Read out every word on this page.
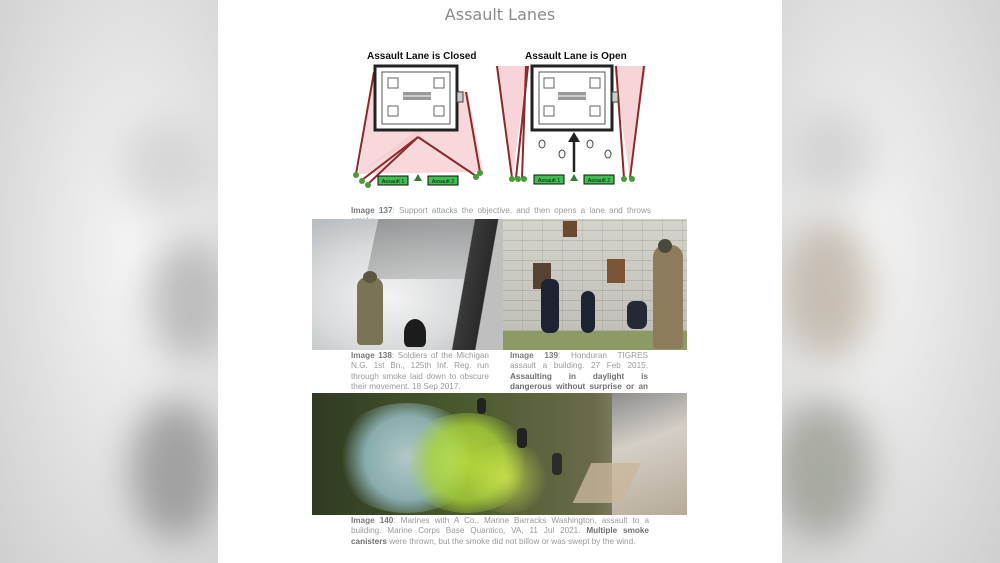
Assault Lanes
Assault Lane is Closed	Assault Lane is Open
Assault 1	Assault 2	Assault 1	Assault 2
Image 137: Support attacks the objective, and then opens a lane and throws
Image 138: Soldiers of the Michigan N.G. 1st Bn., 125th Inf. Reg. run through smoke laid down to obscure their movement. 18 Sep 2017.
Image 139: Honduran TIGRES assault a building. 27 Feb 2015. Assaulting in daylight is dangerous without surprise or an
Image 140: Marines with A Co., Marine Barracks Washington, assault to a building. Marine Corps Base Quantico, VA, 11 Jul 2021. Multiple smoke canisters were thrown, but the smoke did not billow or was swept by the wind.
